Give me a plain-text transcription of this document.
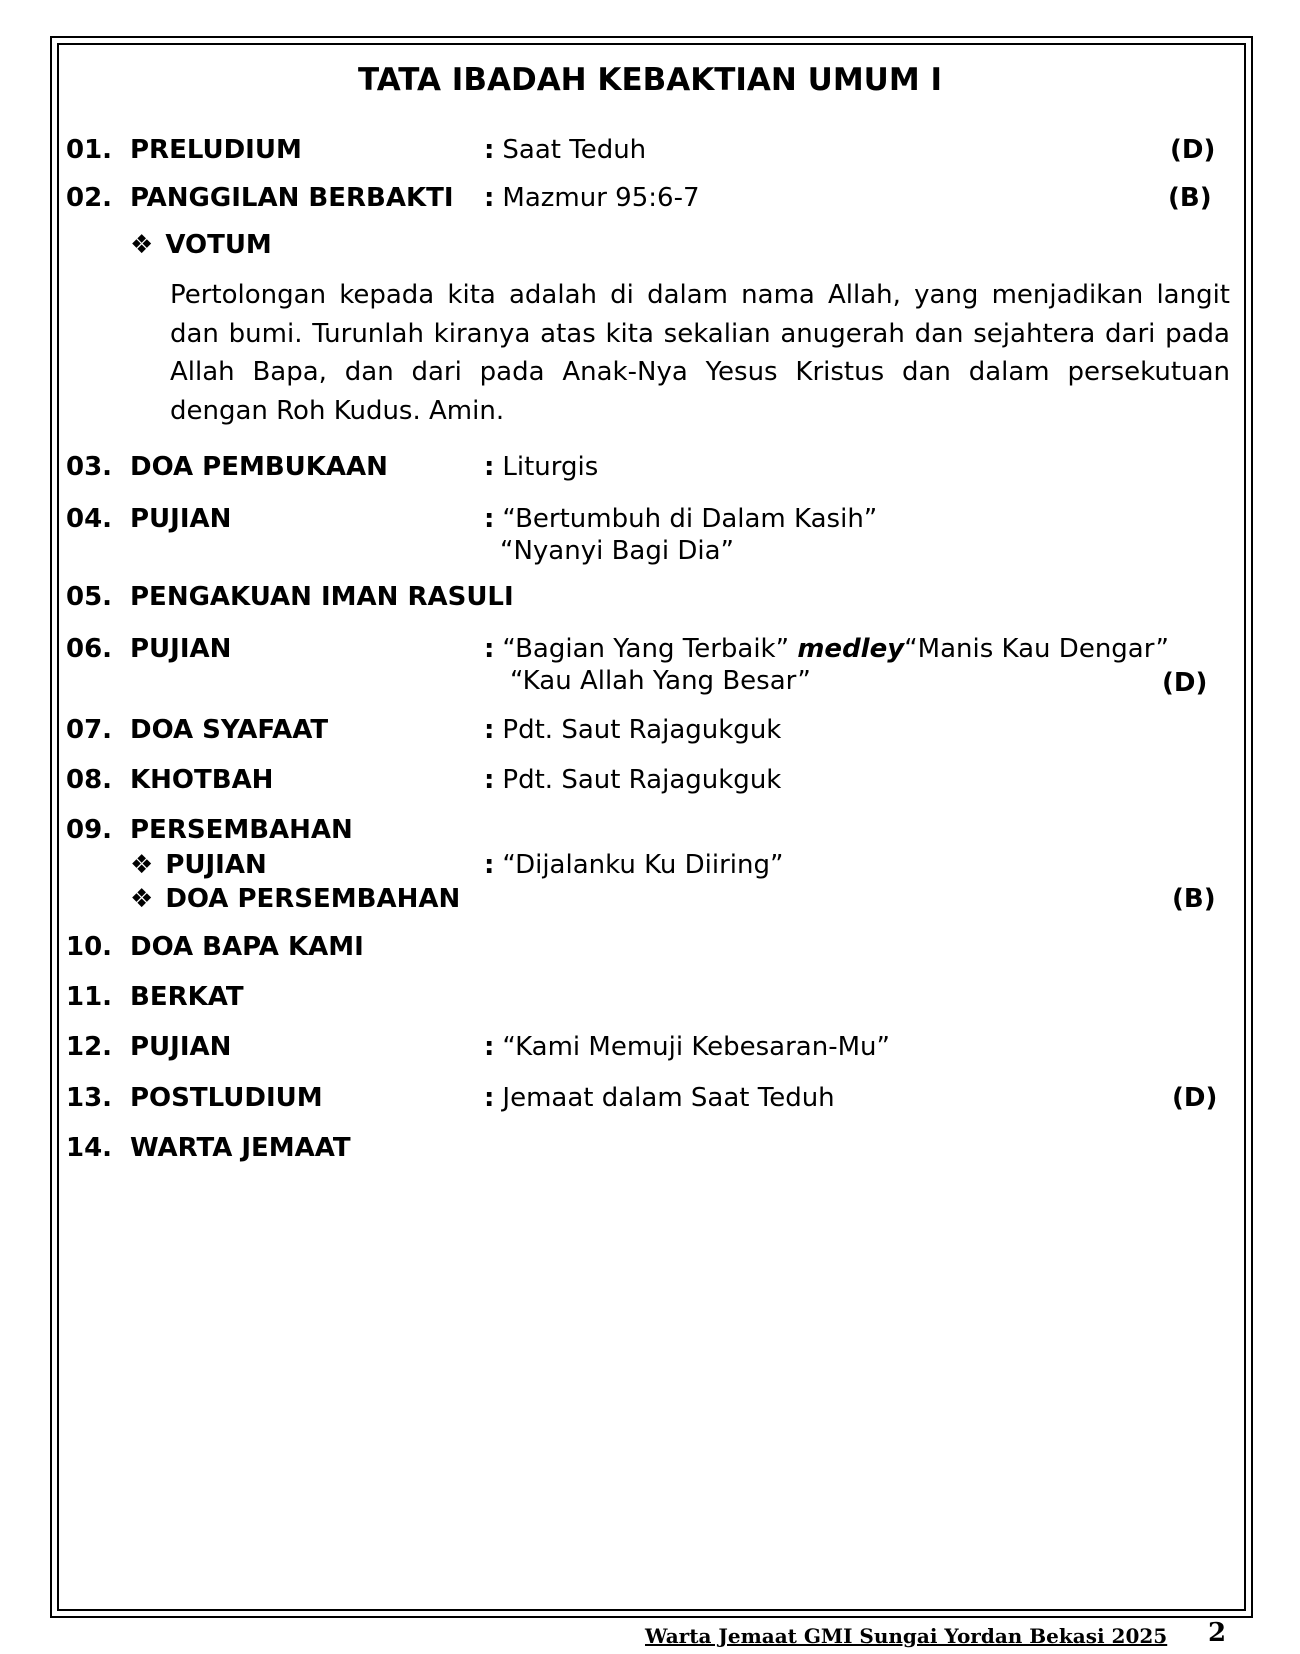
TATA IBADAH KEBAKTIAN UMUM I
01. PRELUDIUM	: Saat Teduh	(D)
02. PANGGILAN BERBAKTI : Mazmur 95:6-7	(B)
❖ VOTUM
Pertolongan kepada kita adalah di dalam nama Allah, yang menjadikan langit dan bumi. Turunlah kiranya atas kita sekalian anugerah dan sejahtera dari pada Allah Bapa, dan dari pada Anak-Nya Yesus Kristus dan dalam persekutuan dengan Roh Kudus. Amin.
03. DOA PEMBUKAAN	: Liturgis
04. PUJIAN	: “Bertumbuh di Dalam Kasih”
“Nyanyi Bagi Dia”
05. PENGAKUAN IMAN RASULI
06. PUJIAN	: “Bagian Yang Terbaik” medley“Manis Kau Dengar”
“Kau Allah Yang Besar”	(D)
07. DOA SYAFAAT	: Pdt. Saut Rajagukguk
08. KHOTBAH	: Pdt. Saut Rajagukguk
09. PERSEMBAHAN
❖ PUJIAN	: “Dijalanku Ku Diiring”
❖ DOA PERSEMBAHAN	(B)
10. DOA BAPA KAMI
11. BERKAT
12. PUJIAN	: “Kami Memuji Kebesaran-Mu”
13. POSTLUDIUM	: Jemaat dalam Saat Teduh	(D)
14. WARTA JEMAAT
Warta Jemaat GMI Sungai Yordan Bekasi 2025 2
